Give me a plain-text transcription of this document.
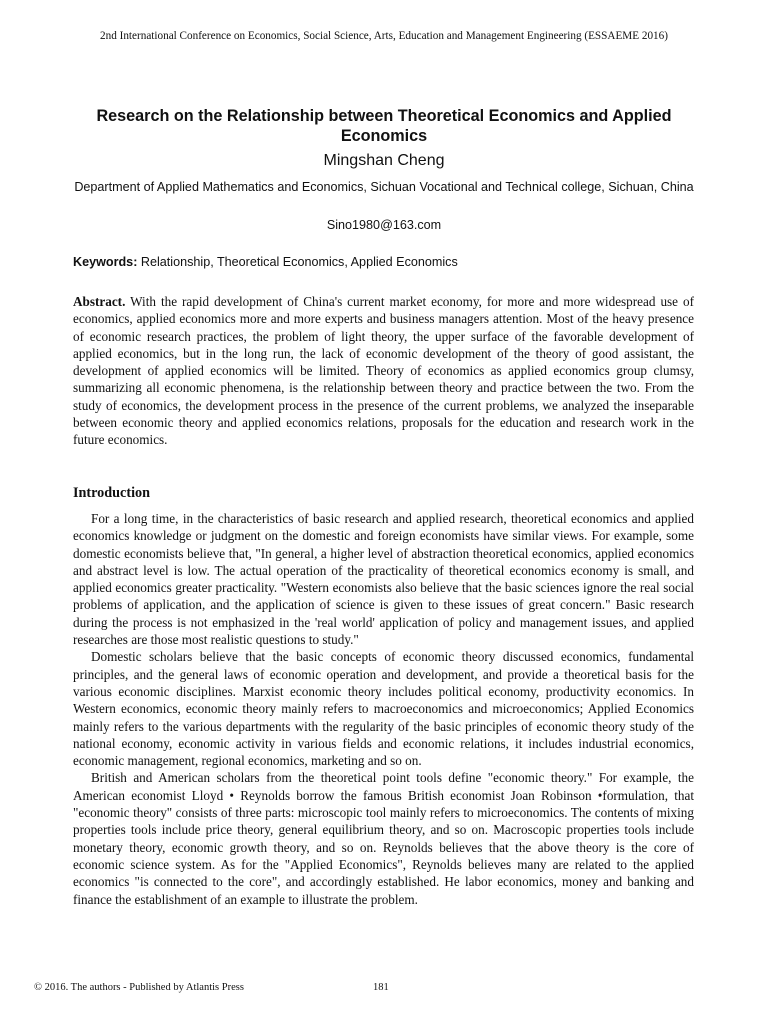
2nd International Conference on Economics, Social Science, Arts, Education and Management Engineering (ESSAEME 2016)
Research on the Relationship between Theoretical Economics and Applied Economics
Mingshan Cheng
Department of Applied Mathematics and Economics, Sichuan Vocational and Technical college, Sichuan, China
Sino1980@163.com
Keywords: Relationship, Theoretical Economics, Applied Economics
Abstract. With the rapid development of China's current market economy, for more and more widespread use of economics, applied economics more and more experts and business managers attention. Most of the heavy presence of economic research practices, the problem of light theory, the upper surface of the favorable development of applied economics, but in the long run, the lack of economic development of the theory of good assistant, the development of applied economics will be limited. Theory of economics as applied economics group clumsy, summarizing all economic phenomena, is the relationship between theory and practice between the two. From the study of economics, the development process in the presence of the current problems, we analyzed the inseparable between economic theory and applied economics relations, proposals for the education and research work in the future economics.
Introduction

For a long time, in the characteristics of basic research and applied research, theoretical economics and applied economics knowledge or judgment on the domestic and foreign economists have similar views. For example, some domestic economists believe that, "In general, a higher level of abstraction theoretical economics, applied economics and abstract level is low. The actual operation of the practicality of theoretical economics economy is small, and applied economics greater practicality. "Western economists also believe that the basic sciences ignore the real social problems of application, and the application of science is given to these issues of great concern." Basic research during the process is not emphasized in the 'real world' application of policy and management issues, and applied researches are those most realistic questions to study."

Domestic scholars believe that the basic concepts of economic theory discussed economics, fundamental principles, and the general laws of economic operation and development, and provide a theoretical basis for the various economic disciplines. Marxist economic theory includes political economy, productivity economics. In Western economics, economic theory mainly refers to macroeconomics and microeconomics; Applied Economics mainly refers to the various departments with the regularity of the basic principles of economic theory study of the national economy, economic activity in various fields and economic relations, it includes industrial economics, economic management, regional economics, marketing and so on.

British and American scholars from the theoretical point tools define "economic theory." For example, the American economist Lloyd • Reynolds borrow the famous British economist Joan Robinson •formulation, that "economic theory" consists of three parts: microscopic tool mainly refers to microeconomics. The contents of mixing properties tools include price theory, general equilibrium theory, and so on. Macroscopic properties tools include monetary theory, economic growth theory, and so on. Reynolds believes that the above theory is the core of economic science system. As for the "Applied Economics", Reynolds believes many are related to the applied economics "is connected to the core", and accordingly established. He labor economics, money and banking and finance the establishment of an example to illustrate the problem.

© 2016. The authors - Published by Atlantis Press	181
